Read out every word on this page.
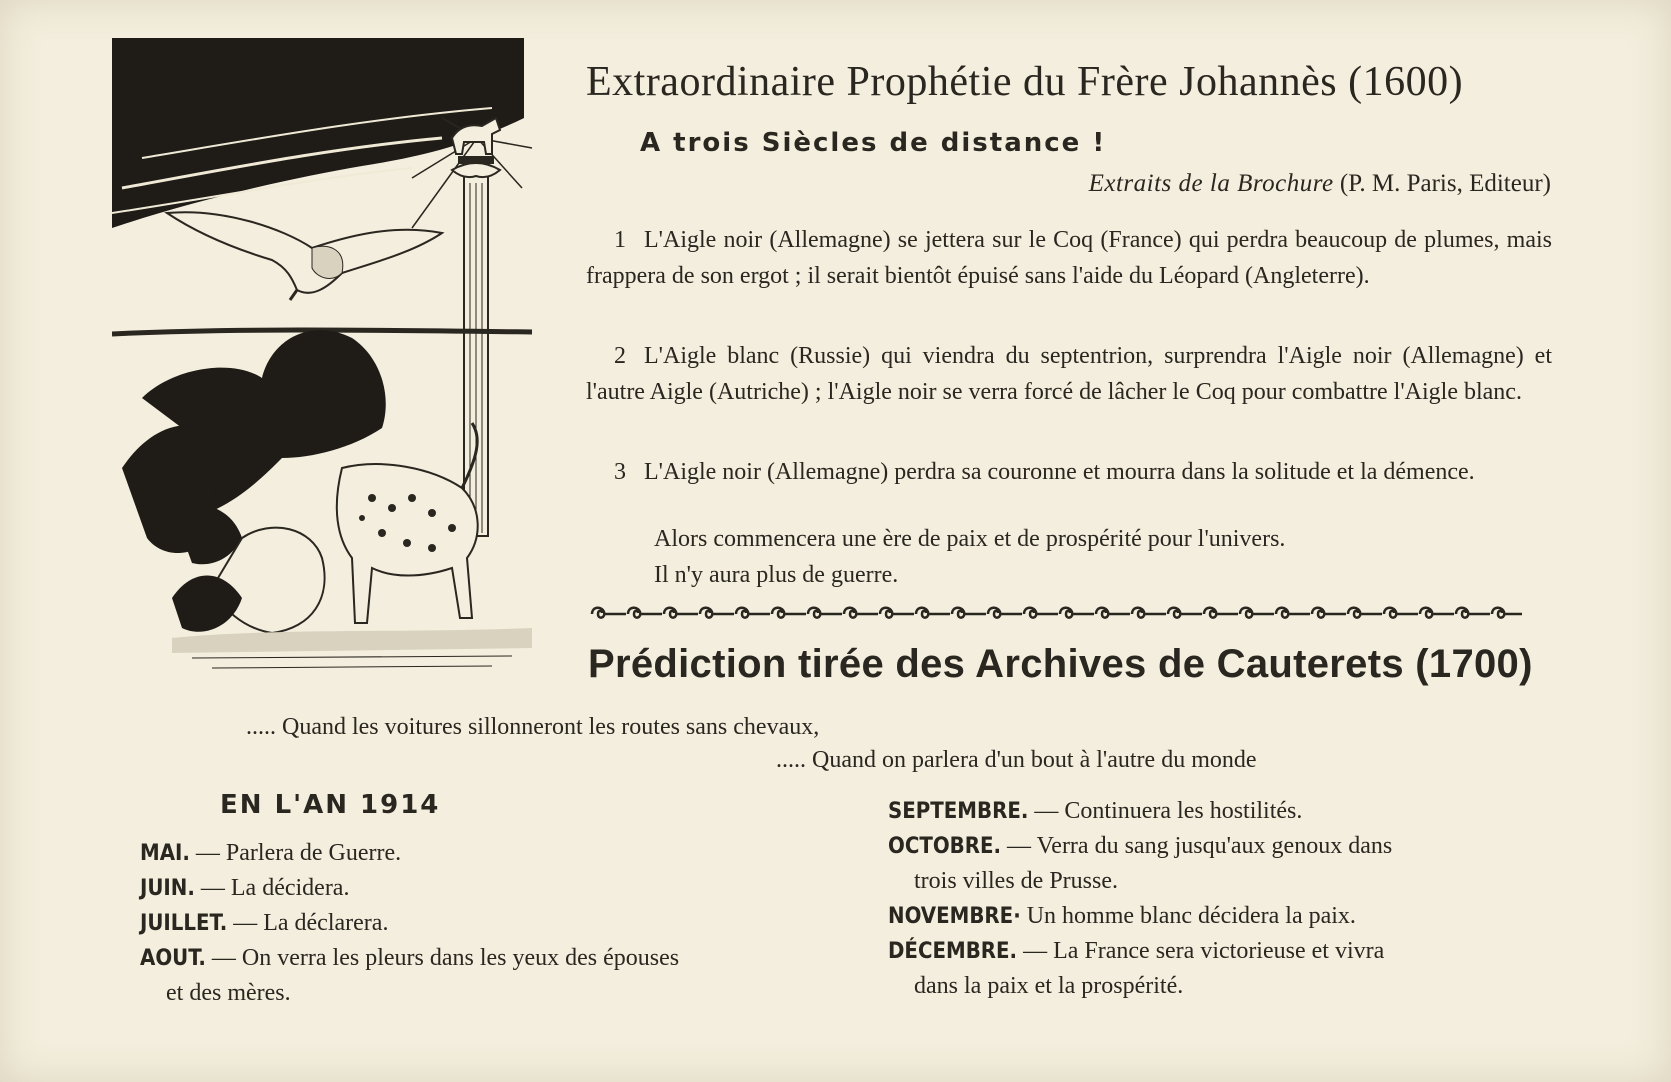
Extraordinaire Prophétie du Frère Johannès (1600)
A trois Siècles de distance !
Extraits de la Brochure (P. M. Paris, Editeur)
1 L'Aigle noir (Allemagne) se jettera sur le Coq (France) qui perdra beaucoup de plumes, mais frappera de son ergot ; il serait bientôt épuisé sans l'aide du Léopard (Angleterre).
2 L'Aigle blanc (Russie) qui viendra du septentrion, surprendra l'Aigle noir (Allemagne) et l'autre Aigle (Autriche) ; l'Aigle noir se verra forcé de lâcher le Coq pour combattre l'Aigle blanc.
3 L'Aigle noir (Allemagne) perdra sa couronne et mourra dans la solitude et la démence.
Alors commencera une ère de paix et de prospérité pour l'univers.
Il n'y aura plus de guerre.
Prédiction tirée des Archives de Cauterets (1700)
..... Quand les voitures sillonneront les routes sans chevaux,
..... Quand on parlera d'un bout à l'autre du monde
EN L'AN 1914
MAI. — Parlera de Guerre.
JUIN. — La décidera.
JUILLET. — La déclarera.
AOUT. — On verra les pleurs dans les yeux des épouses
et des mères.
SEPTEMBRE. — Continuera les hostilités.
OCTOBRE. — Verra du sang jusqu'aux genoux dans
trois villes de Prusse.
NOVEMBRE· Un homme blanc décidera la paix.
DÉCEMBRE. — La France sera victorieuse et vivra
dans la paix et la prospérité.
